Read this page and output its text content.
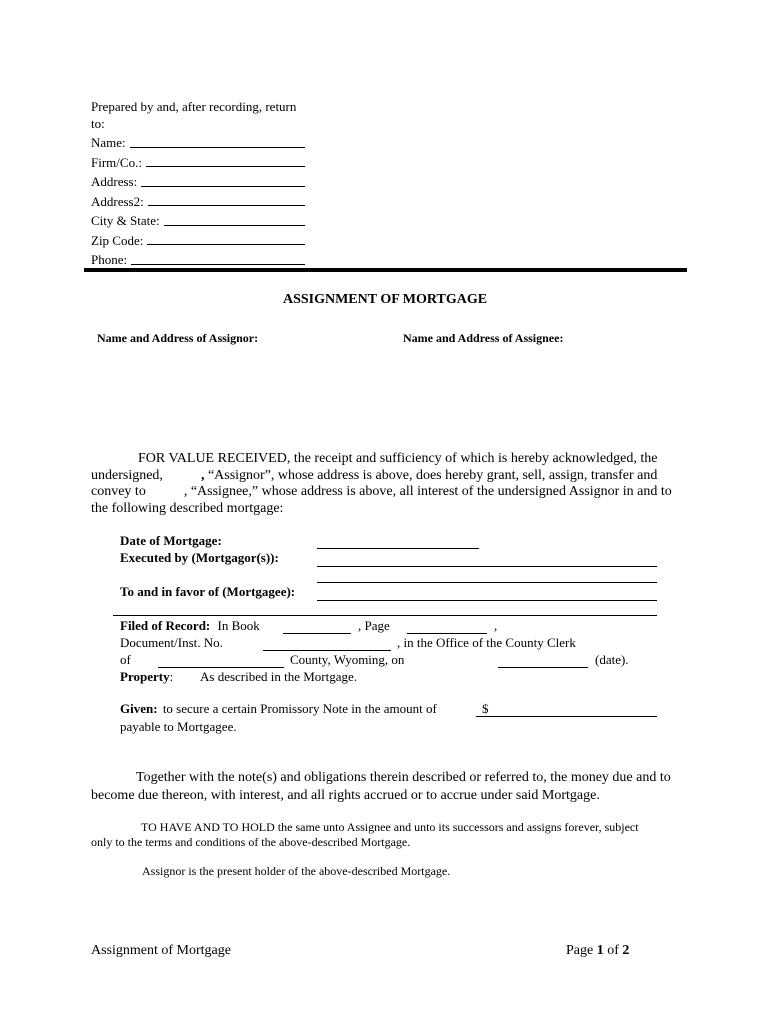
Prepared by and, after recording, return
to:
Name:
Firm/Co.:
Address:
Address2:
City & State:
Zip Code:
Phone:
ASSIGNMENT OF MORTGAGE
Name and Address of Assignor:	Name and Address of Assignee:
FOR VALUE RECEIVED, the receipt and sufficiency of which is hereby acknowledged, the
undersigned,	, “Assignor”, whose address is above, does hereby grant, sell, assign, transfer and
convey to	, “Assignee,” whose address is above, all interest of the undersigned Assignor in and to
the following described mortgage:
Date of Mortgage:
Executed by (Mortgagor(s)):
To and in favor of (Mortgagee):
Filed of Record: In Book	, Page	,
Document/Inst. No.	, in the Office of the County Clerk
of	County, Wyoming, on	(date).
Property: As described in the Mortgage.
Given: to secure a certain Promissory Note in the amount of	$
payable to Mortgagee.
Together with the note(s) and obligations therein described or referred to, the money due and to
become due thereon, with interest, and all rights accrued or to accrue under said Mortgage.
TO HAVE AND TO HOLD the same unto Assignee and unto its successors and assigns forever, subject
only to the terms and conditions of the above-described Mortgage.
Assignor is the present holder of the above-described Mortgage.
Assignment of Mortgage	Page 1 of 2
